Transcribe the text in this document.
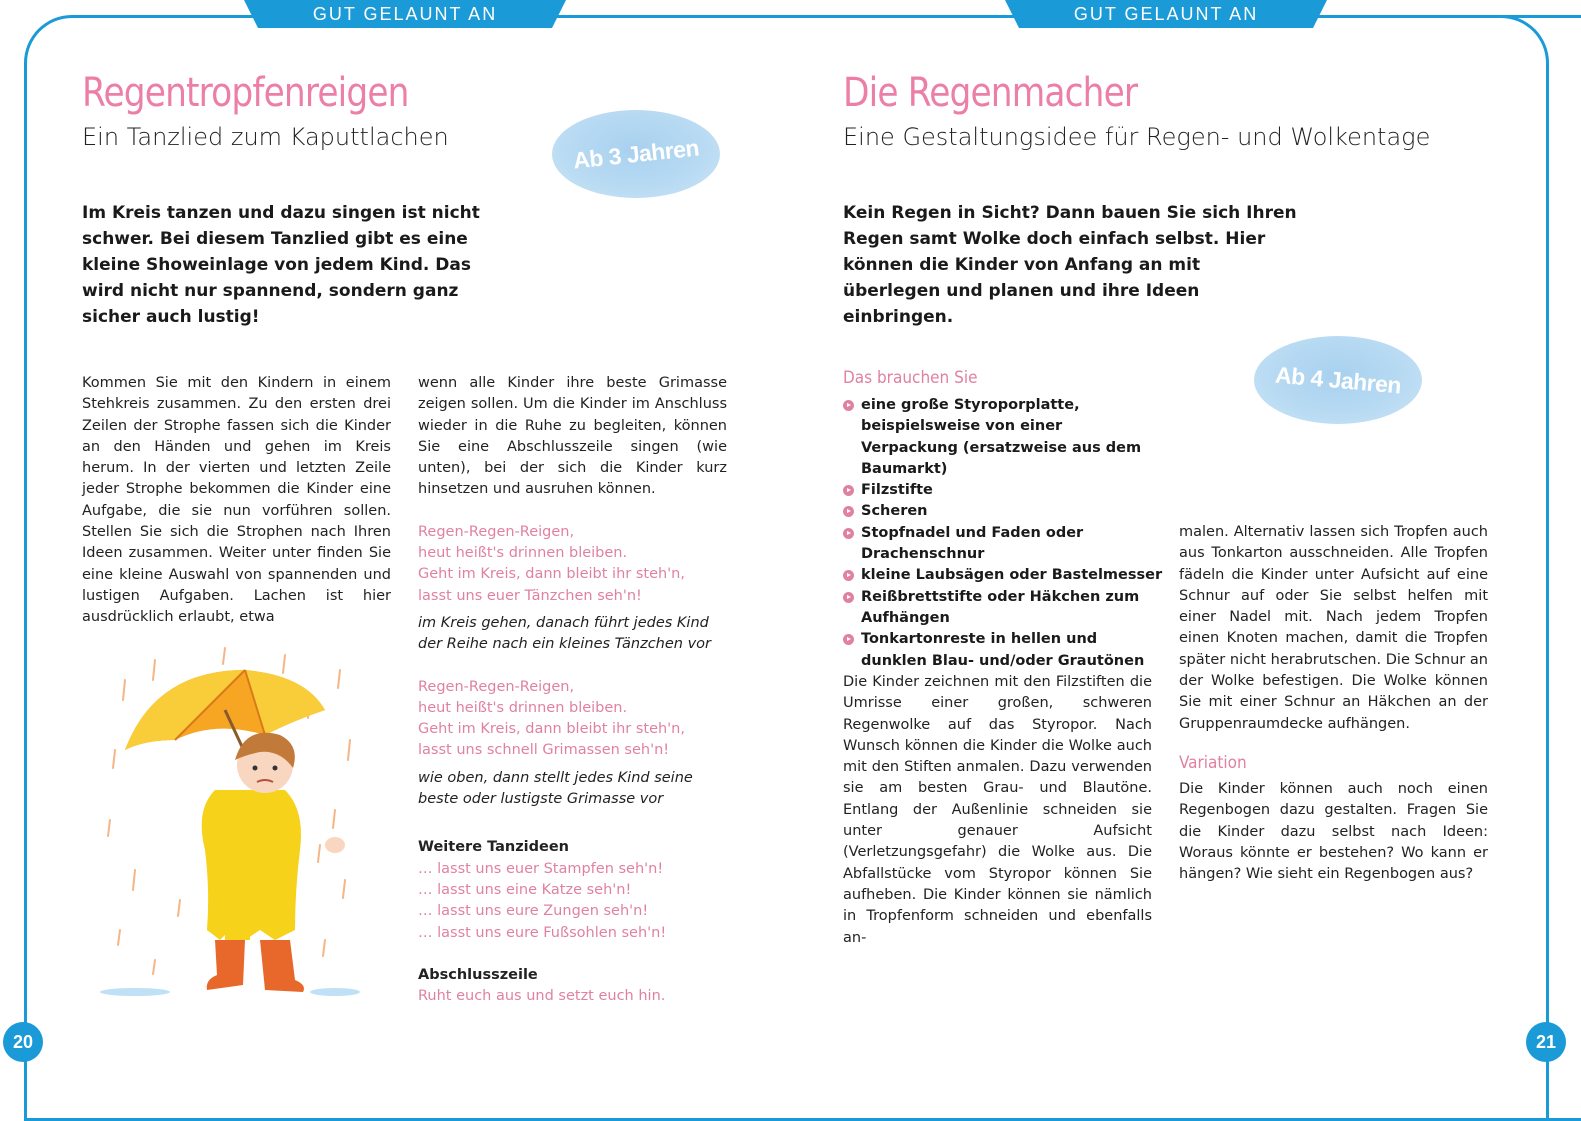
GUT GELAUNT AN REGENTAGEN
GUT GELAUNT AN REGENTAGEN
Regentropfenreigen
Ein Tanzlied zum Kaputtlachen	Ab 3 Jahren
Im Kreis tanzen und dazu singen ist nicht schwer. Bei diesem Tanzlied gibt es eine kleine Showeinlage von jedem Kind. Das wird nicht nur spannend, sondern ganz sicher auch lustig!
Kommen Sie mit den Kindern in einem Stehkreis zusammen. Zu den ersten drei Zeilen der Strophe fassen sich die Kinder an den Händen und gehen im Kreis herum. In der vierten und letzten Zeile jeder Strophe bekommen die Kinder eine Aufgabe, die sie nun vorführen sollen. Stellen Sie sich die Strophen nach Ihren Ideen zusammen. Weiter unter finden Sie eine kleine Auswahl von spannenden und lustigen Aufgaben. Lachen ist hier ausdrücklich erlaubt, etwa

wenn alle Kinder ihre beste Grimasse zeigen sollen. Um die Kinder im Anschluss wieder in die Ruhe zu begleiten, können Sie eine Abschlusszeile singen (wie unten), bei der sich die Kinder kurz hinsetzen und ausruhen können.

Regen-Regen-Reigen,
heut heißt's drinnen bleiben.
Geht im Kreis, dann bleibt ihr steh'n,
lasst uns euer Tänzchen seh'n!

im Kreis gehen, danach führt jedes Kind der Reihe nach ein kleines Tänzchen vor

Regen-Regen-Reigen,
heut heißt's drinnen bleiben.
Geht im Kreis, dann bleibt ihr steh'n,
lasst uns schnell Grimassen seh'n!

wie oben, dann stellt jedes Kind seine beste oder lustigste Grimasse vor

Weitere Tanzideen
… lasst uns euer Stampfen seh'n!
… lasst uns eine Katze seh'n!
… lasst uns eure Zungen seh'n!
… lasst uns eure Fußsohlen seh'n!
Abschlusszeile
Ruht euch aus und setzt euch hin.
20
Die Regenmacher
Eine Gestaltungsidee für Regen- und Wolkentage
Kein Regen in Sicht? Dann bauen Sie sich Ihren Regen samt Wolke doch einfach selbst. Hier können die Kinder von Anfang an mit überlegen und planen und ihre Ideen einbringen.
Ab 4 Jahren
Das brauchen Sie
eine große Styroporplatte, beispielsweise von einer Verpackung (ersatzweise aus dem Baumarkt)
Filzstifte
Scheren
Stopfnadel und Faden oder Drachenschnur
kleine Laubsägen oder Bastelmesser
Reißbrettstifte oder Häkchen zum Aufhängen
Tonkartonreste in hellen und dunklen Blau- und/oder Grautönen
Die Kinder zeichnen mit den Filzstiften die Umrisse einer großen, schweren Regenwolke auf das Styropor. Nach Wunsch können die Kinder die Wolke auch mit den Stiften anmalen. Dazu verwenden sie am besten Grau- und Blautöne. Entlang der Außenlinie schneiden sie unter genauer Aufsicht (Verletzungsgefahr) die Wolke aus. Die Abfallstücke vom Styropor können Sie aufheben. Die Kinder können sie nämlich in Tropfenform schneiden und ebenfalls an-
malen. Alternativ lassen sich Tropfen auch aus Tonkarton ausschneiden. Alle Tropfen fädeln die Kinder unter Aufsicht auf eine Schnur auf oder Sie selbst helfen mit einer Nadel mit. Nach jedem Tropfen einen Knoten machen, damit die Tropfen später nicht herabrutschen. Die Schnur an der Wolke befestigen. Die Wolke können Sie mit einer Schnur an Häkchen an der Gruppenraumdecke aufhängen.
Variation
Die Kinder können auch noch einen Regenbogen dazu gestalten. Fragen Sie die Kinder dazu selbst nach Ideen: Woraus könnte er bestehen? Wo kann er hängen? Wie sieht ein Regenbogen aus?
21
